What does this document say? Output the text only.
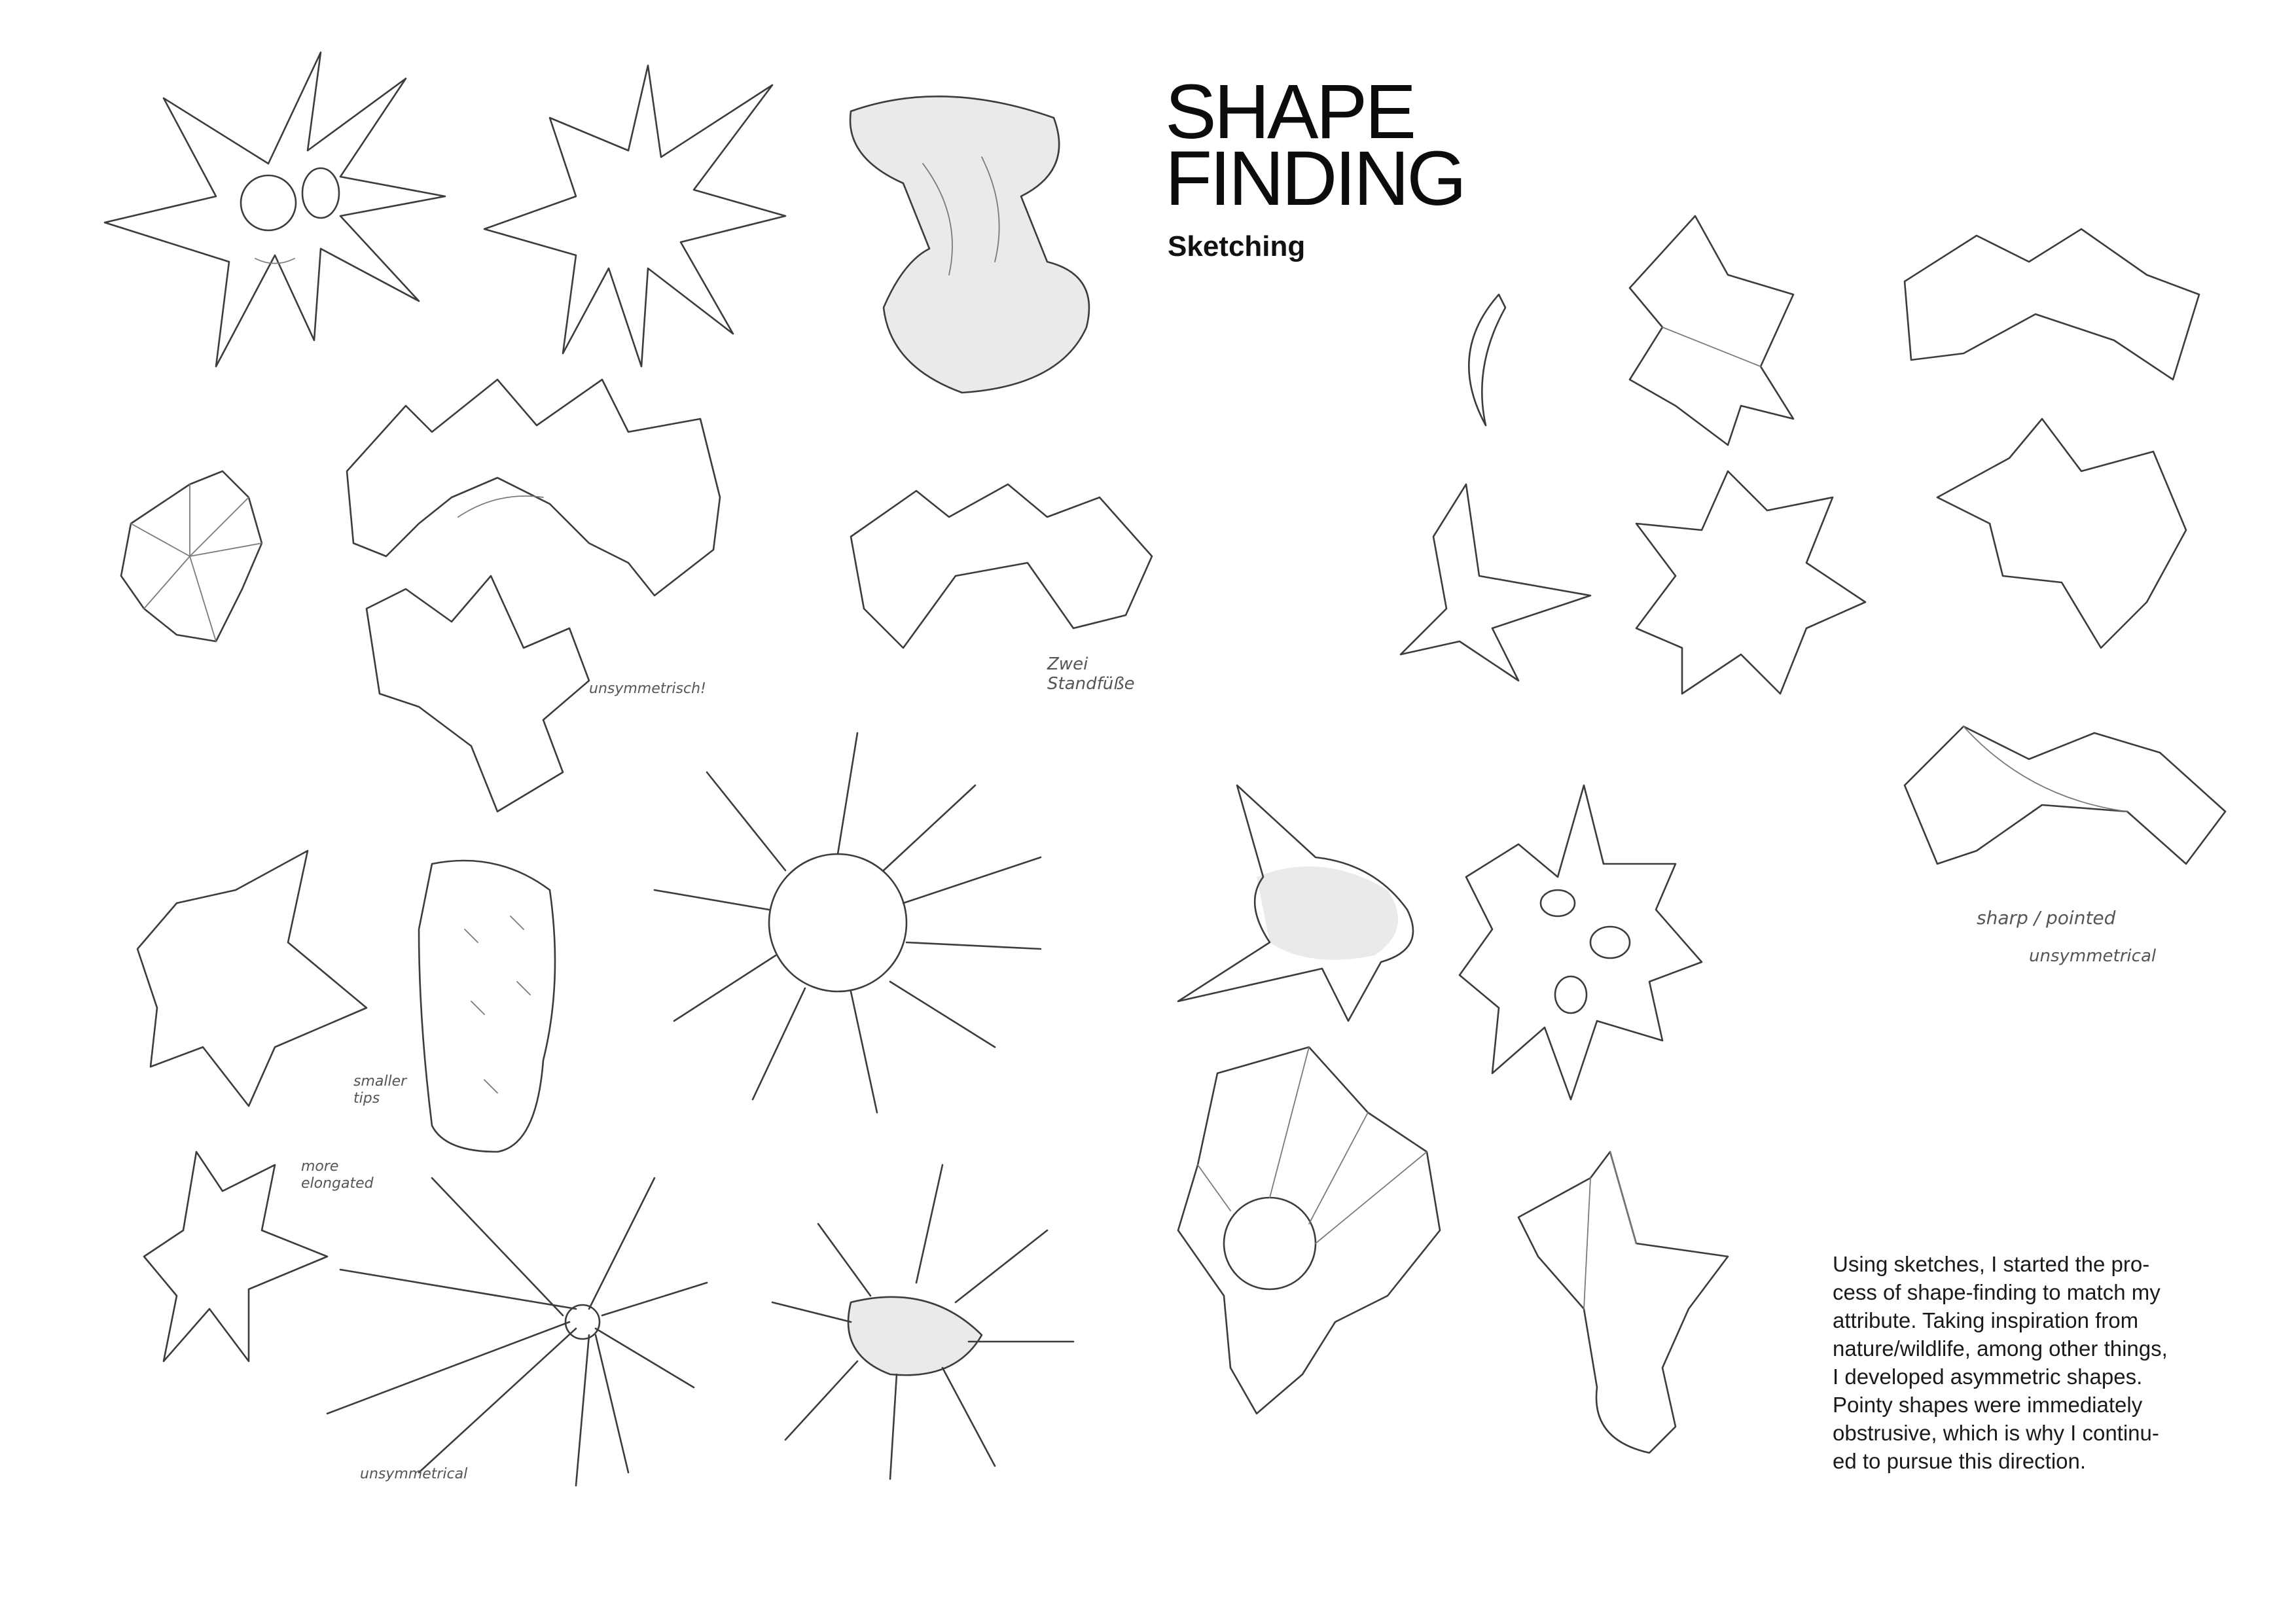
SHAPE
FINDING
Sketching

Using sketches, I started the pro-
cess of shape-finding to match my
attribute. Taking inspiration from
nature/wildlife, among other things,
I developed asymmetric shapes.
Pointy shapes were immediately
obstrusive, which is why I continu-
ed to pursue this direction.

unsymmetrisch!
Zwei
Standfüße
smaller
tips
more
elongated
unsymmetrical
sharp / pointed
unsymmetrical
